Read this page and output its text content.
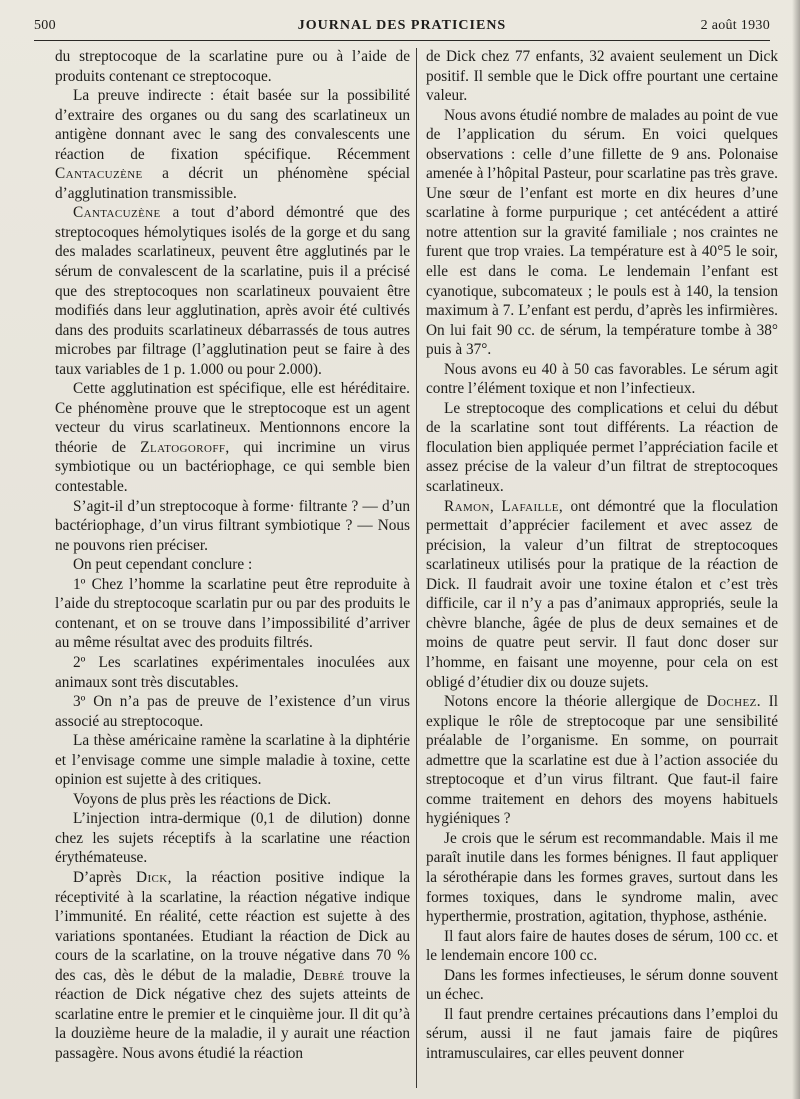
500	JOURNAL DES PRATICIENS	2 août 1930

du streptocoque de la scarlatine pure ou à l’aide de produits contenant ce streptocoque.

La preuve indirecte : était basée sur la possibilité d’extraire des organes ou du sang des scarlatineux un antigène donnant avec le sang des convalescents une réaction de fixation spécifique. Récemment Cantacuzène a décrit un phénomène spécial d’agglutination transmissible.

Cantacuzène a tout d’abord démontré que des streptocoques hémolytiques isolés de la gorge et du sang des malades scarlatineux, peuvent être agglutinés par le sérum de convalescent de la scarlatine, puis il a précisé que des streptocoques non scarlatineux pouvaient être modifiés dans leur agglutination, après avoir été cultivés dans des produits scarlatineux débarrassés de tous autres microbes par filtrage (l’agglutination peut se faire à des taux variables de 1 p. 1.000 ou pour 2.000).

Cette agglutination est spécifique, elle est héréditaire. Ce phénomène prouve que le streptocoque est un agent vecteur du virus scarlatineux. Mentionnons encore la théorie de Zlatogoroff, qui incrimine un virus symbiotique ou un bactériophage, ce qui semble bien contestable.

S’agit-il d’un streptocoque à forme· filtrante ? — d’un bactériophage, d’un virus filtrant symbiotique ? — Nous ne pouvons rien préciser.

On peut cependant conclure :

1º Chez l’homme la scarlatine peut être reproduite à l’aide du streptocoque scarlatin pur ou par des produits le contenant, et on se trouve dans l’impossibilité d’arriver au même résultat avec des produits filtrés.

2º Les scarlatines expérimentales inoculées aux animaux sont très discutables.

3º On n’a pas de preuve de l’existence d’un virus associé au streptocoque.

La thèse américaine ramène la scarlatine à la diphtérie et l’envisage comme une simple maladie à toxine, cette opinion est sujette à des critiques.

Voyons de plus près les réactions de Dick.

L’injection intra-dermique (0,1 de dilution) donne chez les sujets réceptifs à la scarlatine une réaction érythémateuse.

D’après Dick, la réaction positive indique la réceptivité à la scarlatine, la réaction négative indique l’immunité. En réalité, cette réaction est sujette à des variations spontanées. Etudiant la réaction de Dick au cours de la scarlatine, on la trouve négative dans 70 % des cas, dès le début de la maladie, Debré trouve la réaction de Dick négative chez des sujets atteints de scarlatine entre le premier et le cinquième jour. Il dit qu’à la douzième heure de la maladie, il y aurait une réaction passagère. Nous avons étudié la réaction

de Dick chez 77 enfants, 32 avaient seulement un Dick positif. Il semble que le Dick offre pourtant une certaine valeur.

Nous avons étudié nombre de malades au point de vue de l’application du sérum. En voici quelques observations : celle d’une fillette de 9 ans. Polonaise amenée à l’hôpital Pasteur, pour scarlatine pas très grave. Une sœur de l’enfant est morte en dix heures d’une scarlatine à forme purpurique ; cet antécédent a attiré notre attention sur la gravité familiale ; nos craintes ne furent que trop vraies. La température est à 40°5 le soir, elle est dans le coma. Le lendemain l’enfant est cyanotique, subcomateux ; le pouls est à 140, la tension maximum à 7. L’enfant est perdu, d’après les infirmières. On lui fait 90 cc. de sérum, la température tombe à 38° puis à 37°.

Nous avons eu 40 à 50 cas favorables. Le sérum agit contre l’élément toxique et non l’infectieux.

Le streptocoque des complications et celui du début de la scarlatine sont tout différents. La réaction de floculation bien appliquée permet l’appréciation facile et assez précise de la valeur d’un filtrat de streptocoques scarlatineux.

Ramon, Lafaille, ont démontré que la floculation permettait d’apprécier facilement et avec assez de précision, la valeur d’un filtrat de streptocoques scarlatineux utilisés pour la pratique de la réaction de Dick. Il faudrait avoir une toxine étalon et c’est très difficile, car il n’y a pas d’animaux appropriés, seule la chèvre blanche, âgée de plus de deux semaines et de moins de quatre peut servir. Il faut donc doser sur l’homme, en faisant une moyenne, pour cela on est obligé d’étudier dix ou douze sujets.

Notons encore la théorie allergique de Dochez. Il explique le rôle de streptocoque par une sensibilité préalable de l’organisme. En somme, on pourrait admettre que la scarlatine est due à l’action associée du streptocoque et d’un virus filtrant. Que faut-il faire comme traitement en dehors des moyens habituels hygiéniques ?

Je crois que le sérum est recommandable. Mais il me paraît inutile dans les formes bénignes. Il faut appliquer la sérothérapie dans les formes graves, surtout dans les formes toxiques, dans le syndrome malin, avec hyperthermie, prostration, agitation, thyphose, asthénie.

Il faut alors faire de hautes doses de sérum, 100 cc. et le lendemain encore 100 cc.

Dans les formes infectieuses, le sérum donne souvent un échec.

Il faut prendre certaines précautions dans l’emploi du sérum, aussi il ne faut jamais faire de piqûres intramusculaires, car elles peuvent donner
